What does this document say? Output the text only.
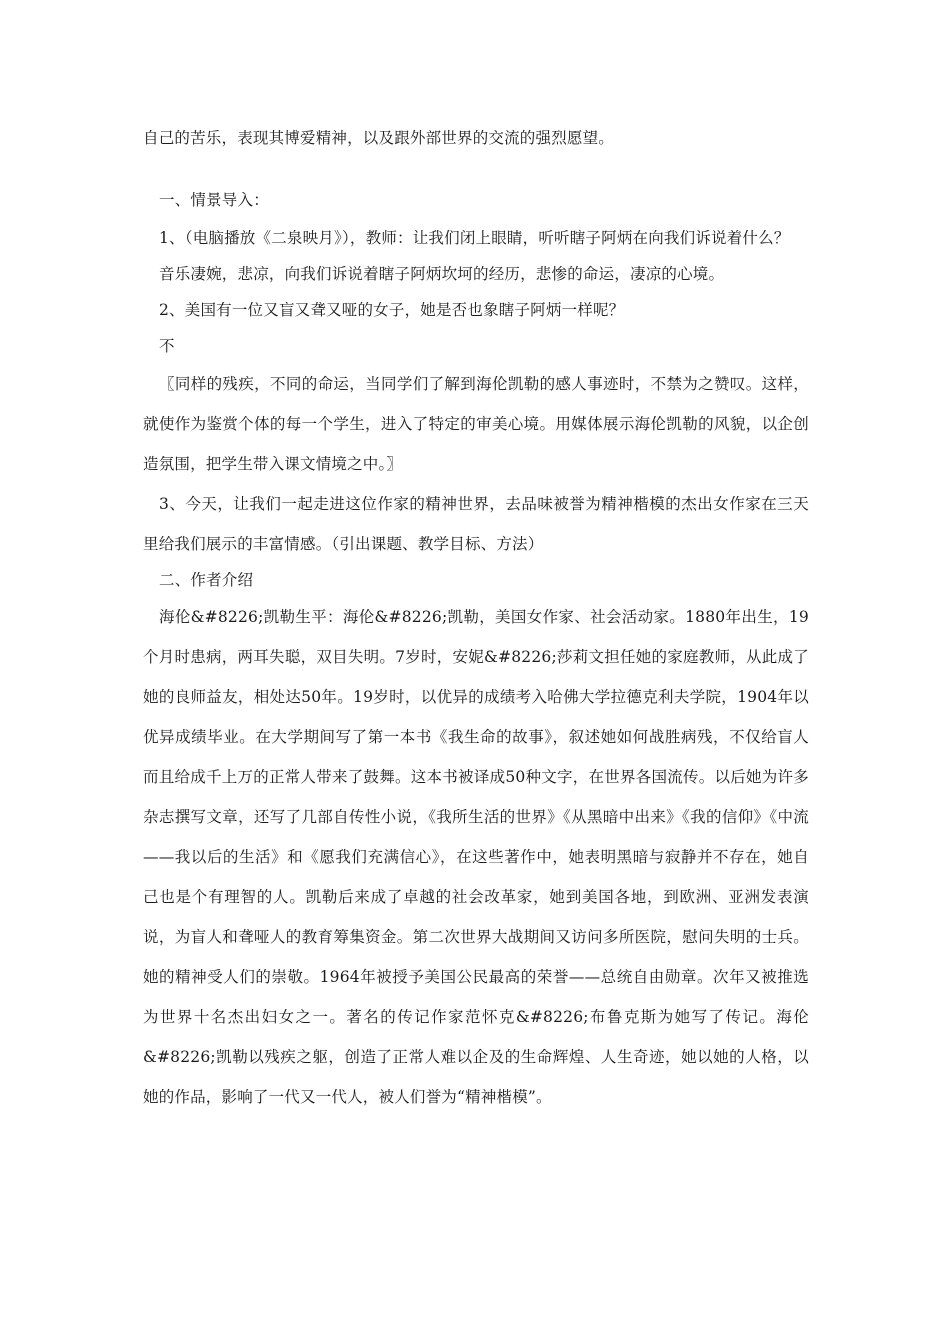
自己的苦乐，表现其博爱精神，以及跟外部世界的交流的强烈愿望。

一、情景导入：

1、（电脑播放《二泉映月》），教师：让我们闭上眼睛，听听瞎子阿炳在向我们诉说着什么？

音乐凄婉，悲凉，向我们诉说着瞎子阿炳坎坷的经历，悲惨的命运，凄凉的心境。

2、美国有一位又盲又聋又哑的女子，她是否也象瞎子阿炳一样呢？

不

〖同样的残疾，不同的命运，当同学们了解到海伦凯勒的感人事迹时，不禁为之赞叹。这样，就使作为鉴赏个体的每一个学生，进入了特定的审美心境。用媒体展示海伦凯勒的风貌，以企创造氛围，把学生带入课文情境之中。〗

3、今天，让我们一起走进这位作家的精神世界，去品味被誉为精神楷模的杰出女作家在三天里给我们展示的丰富情感。（引出课题、教学目标、方法）

二、作者介绍

海伦&#8226;凯勒生平：海伦&#8226;凯勒，美国女作家、社会活动家。1880年出生，19个月时患病，两耳失聪，双目失明。7岁时，安妮&#8226;莎莉文担任她的家庭教师，从此成了她的良师益友，相处达50年。19岁时，以优异的成绩考入哈佛大学拉德克利夫学院，1904年以优异成绩毕业。在大学期间写了第一本书《我生命的故事》，叙述她如何战胜病残，不仅给盲人而且给成千上万的正常人带来了鼓舞。这本书被译成50种文字，在世界各国流传。以后她为许多杂志撰写文章，还写了几部自传性小说，《我所生活的世界》《从黑暗中出来》《我的信仰》《中流——我以后的生活》和《愿我们充满信心》，在这些著作中，她表明黑暗与寂静并不存在，她自己也是个有理智的人。凯勒后来成了卓越的社会改革家，她到美国各地，到欧洲、亚洲发表演说，为盲人和聋哑人的教育筹集资金。第二次世界大战期间又访问多所医院，慰问失明的士兵。她的精神受人们的崇敬。1964年被授予美国公民最高的荣誉——总统自由勋章。次年又被推选为世界十名杰出妇女之一。著名的传记作家范怀克&#8226;布鲁克斯为她写了传记。海伦&#8226;凯勒以残疾之躯，创造了正常人难以企及的生命辉煌、人生奇迹，她以她的人格，以她的作品，影响了一代又一代人，被人们誉为“精神楷模”。
